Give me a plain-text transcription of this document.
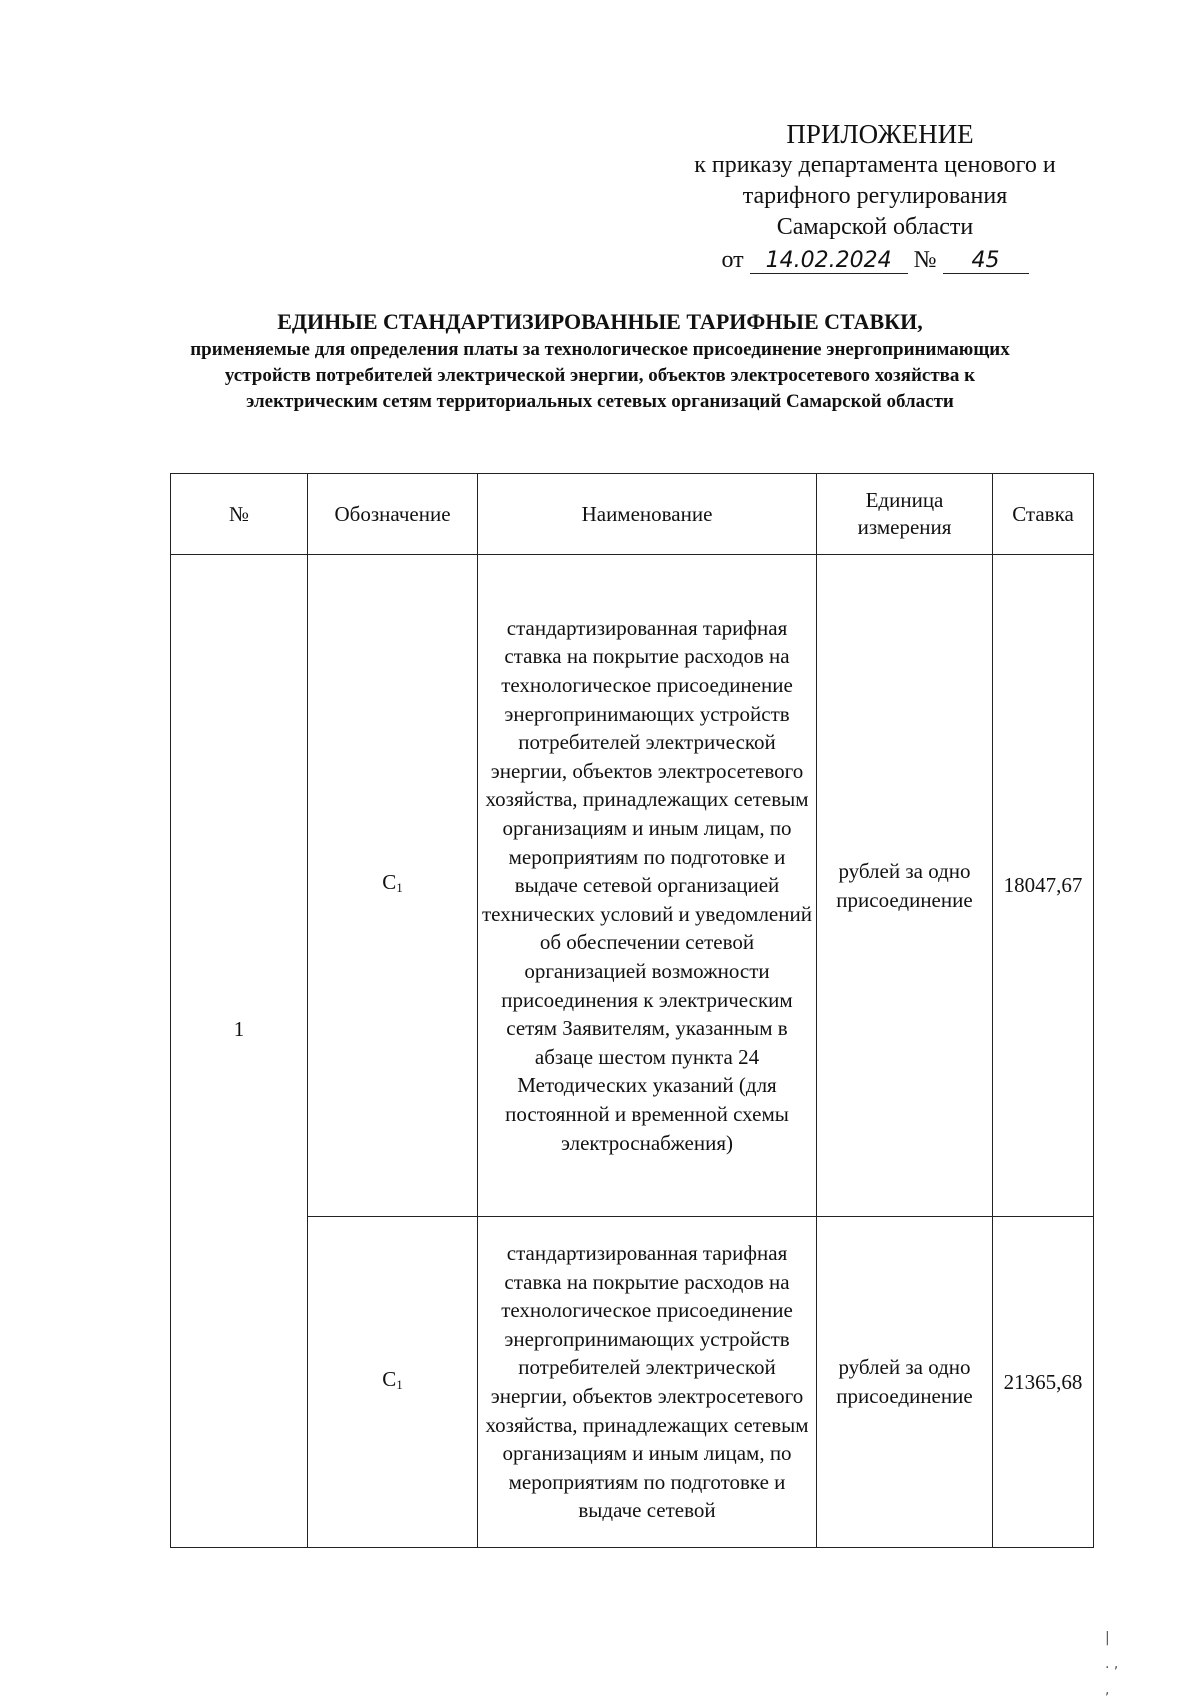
ПРИЛОЖЕНИЕ
к приказу департамента ценового и
тарифного регулирования
Самарской области
от 14.02.2024 № 45
ЕДИНЫЕ СТАНДАРТИЗИРОВАННЫЕ ТАРИФНЫЕ СТАВКИ,
применяемые для определения платы за технологическое присоединение энергопринимающих устройств потребителей электрической энергии, объектов электросетевого хозяйства к электрическим сетям территориальных сетевых организаций Самарской области
№	Обозначение	Наименование	Единица измерения	Ставка
1	$C_1$	стандартизированная тарифная ставка на покрытие расходов на технологическое присоединение энергопринимающих устройств потребителей электрической энергии, объектов электросетевого хозяйства, принадлежащих сетевым организациям и иным лицам, по мероприятиям по подготовке и выдаче сетевой организацией технических условий и уведомлений об обеспечении сетевой организацией возможности присоединения к электрическим сетям Заявителям, указанным в абзаце шестом пункта 24 Методических указаний (для постоянной и временной схемы электроснабжения)	рублей за одно присоединение	18047,67
	$C_1$	стандартизированная тарифная ставка на покрытие расходов на технологическое присоединение энергопринимающих устройств потребителей электрической энергии, объектов электросетевого хозяйства, принадлежащих сетевым организациям и иным лицам, по мероприятиям по подготовке и выдаче сетевой	рублей за одно присоединение	21365,68
|
. ,
,
